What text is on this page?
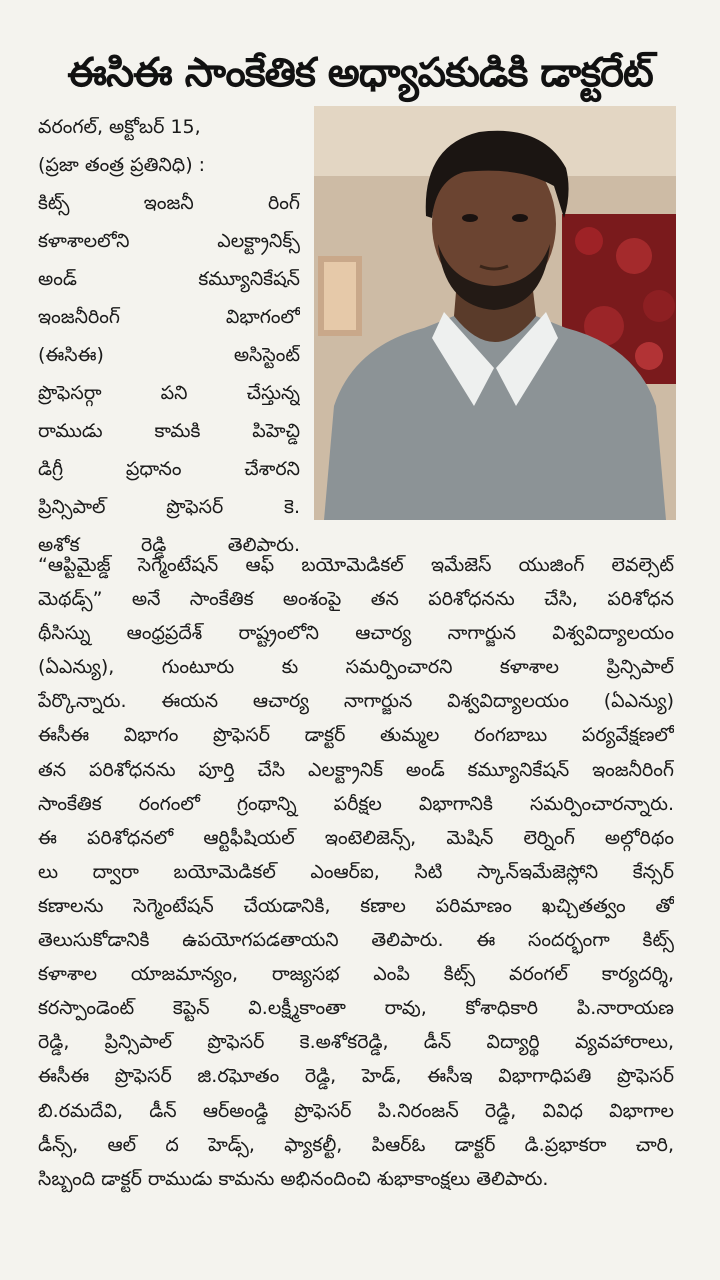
ఈసిఈ సాంకేతిక అధ్యాపకుడికి డాక్టరేట్
వరంగల్, అక్టోబర్ 15,
(ప్రజా తంత్ర ప్రతినిధి) :
కిట్స్ ఇంజనీ రింగ్
కళాశాలలోని ఎలక్ట్రానిక్స్
అండ్ కమ్యూనికేషన్
ఇంజనీరింగ్ విభాగంలో
(ఈసిఈ) అసిస్టెంట్
ప్రొఫెసర్గా పని చేస్తున్న
రాముడు కామకి పిహెచ్డి
డిగ్రీ ప్రధానం చేశారని
ప్రిన్సిపాల్ ప్రొఫెసర్ కె.
అశోక రెడ్డి తెలిపారు.
“ఆప్టిమైజ్డ్ సెగ్మెంటేషన్ ఆఫ్ బయోమెడికల్ ఇమేజెస్ యుజింగ్ లెవల్సెట్
మెథడ్స్” అనే సాంకేతిక అంశంపై తన పరిశోధనను చేసి, పరిశోధన
థీసిస్ను ఆంధ్రప్రదేశ్ రాష్ట్రంలోని ఆచార్య నాగార్జున విశ్వవిద్యాలయం
(ఏఎన్యు), గుంటూరు కు సమర్పించారని కళాశాల ప్రిన్సిపాల్
పేర్కొన్నారు. ఈయన ఆచార్య నాగార్జున విశ్వవిద్యాలయం (ఏఎన్యు)
ఈసీఈ విభాగం ప్రొఫెసర్ డాక్టర్ తుమ్మల రంగబాబు పర్యవేక్షణలో
తన పరిశోధనను పూర్తి చేసి ఎలక్ట్రానిక్ అండ్ కమ్యూనికేషన్ ఇంజనీరింగ్
సాంకేతిక రంగంలో గ్రంథాన్ని పరీక్షల విభాగానికి సమర్పించారన్నారు.
ఈ పరిశోధనలో ఆర్టిఫీషియల్ ఇంటెలిజెన్స్, మెషిన్ లెర్నింగ్ అల్గోరిథం
లు ద్వారా బయోమెడికల్ ఎంఆర్ఐ, సిటి స్కాన్ఇమేజెస్లోని కేన్సర్
కణాలను సెగ్మెంటేషన్ చేయడానికి, కణాల పరిమాణం ఖచ్చితత్వం తో
తెలుసుకోడానికి ఉపయోగపడతాయని తెలిపారు. ఈ సందర్భంగా కిట్స్
కళాశాల యాజమాన్యం, రాజ్యసభ ఎంపి కిట్స్ వరంగల్ కార్యదర్శి,
కరస్పాండెంట్ కెప్టెన్ వి.లక్ష్మీకాంతా రావు, కోశాధికారి పి.నారాయణ
రెడ్డి, ప్రిన్సిపాల్ ప్రొఫెసర్ కె.అశోకరెడ్డి, డీన్ విద్యార్థి వ్యవహారాలు,
ఈసీఈ ప్రొఫెసర్ జి.రఘోతం రెడ్డి, హెడ్, ఈసీఇ విభాగాధిపతి ప్రొఫెసర్
బి.రమదేవి, డీన్ ఆర్అండ్డి ప్రొఫెసర్ పి.నిరంజన్ రెడ్డి, వివిధ విభాగాల
డీన్స్, ఆల్ ద హెడ్స్, ఫ్యాకల్టీ, పిఆర్ఓ డాక్టర్ డి.ప్రభాకరా చారి,
సిబ్బంది డాక్టర్ రాముడు కామను అభినందించి శుభాకాంక్షలు తెలిపారు.
